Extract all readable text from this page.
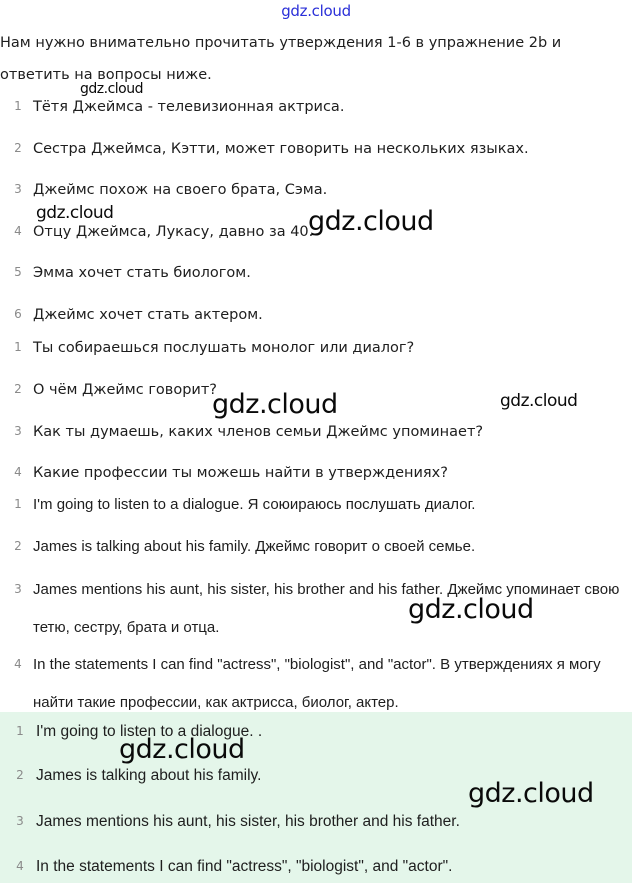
gdz.cloud
Нам нужно внимательно прочитать утверждения 1-6 в упражнение 2b и
ответить на вопросы ниже.
1 Тётя Джеймса - телевизионная актриса.
2 Сестра Джеймса, Кэтти, может говорить на нескольких языках.
3 Джеймс похож на своего брата, Сэма.
4 Отцу Джеймса, Лукасу, давно за 40.
5 Эмма хочет стать биологом.
6 Джеймс хочет стать актером.
1 Ты собираешься послушать монолог или диалог?
2 О чём Джеймс говорит?
3 Как ты думаешь, каких членов семьи Джеймс упоминает?
4 Какие профессии ты можешь найти в утверждениях?
1 I'm going to listen to a dialogue. Я союираюсь послушать диалог.
2 James is talking about his family. Джеймс говорит о своей семье.
3 James mentions his aunt, his sister, his brother and his father. Джеймс упоминает свою тетю, сестру, брата и отца.
4 In the statements I can find "actress", "biologist", and "actor". В утверждениях я могу найти такие профессии, как актрисса, биолог, актер.
1 I'm going to listen to a dialogue. .
2 James is talking about his family.
3 James mentions his aunt, his sister, his brother and his father.
4 In the statements I can find "actress", "biologist", and "actor".
gdz.cloud
gdz.cloud	gdz.cloud
gdz.cloud	gdz.cloud
gdz.cloud
gdz.cloud
gdz.cloud
